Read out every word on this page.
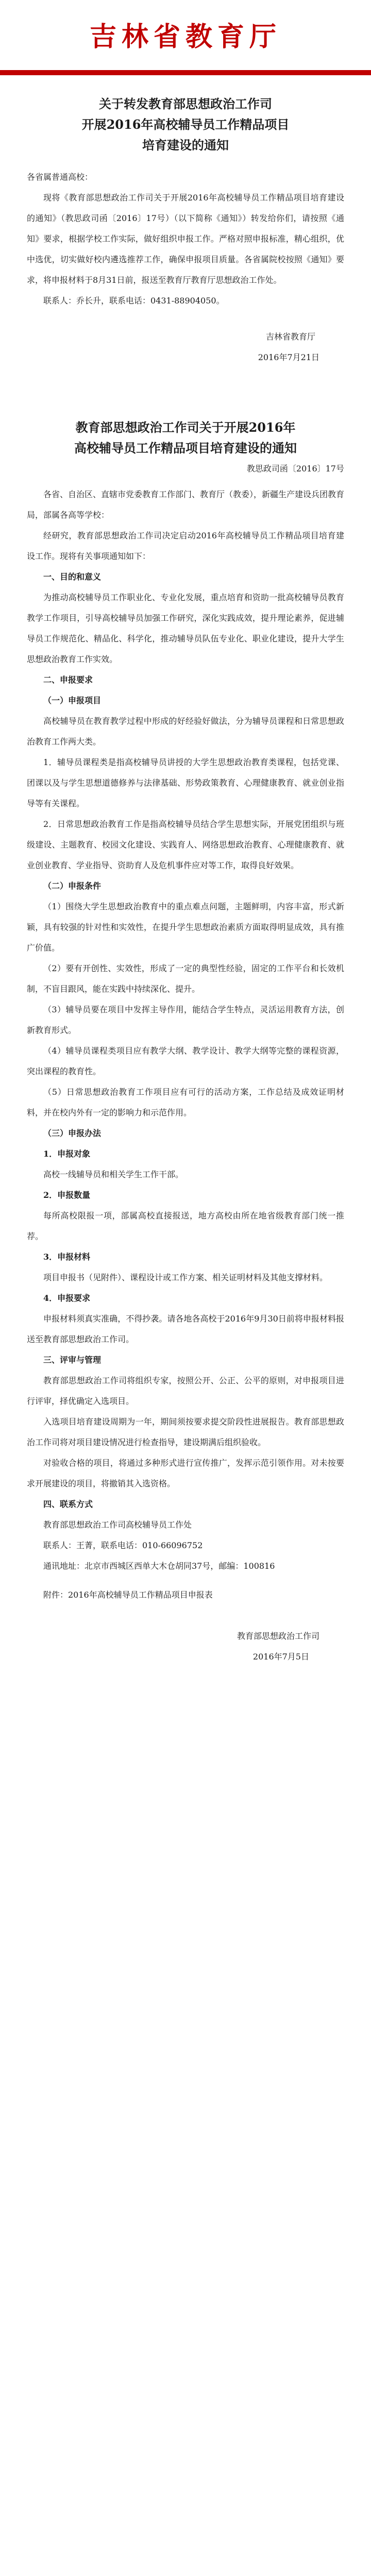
吉林省教育厅

关于转发教育部思想政治工作司

开展2016年高校辅导员工作精品项目

培育建设的通知

各省属普通高校：

现将《教育部思想政治工作司关于开展2016年高校辅导员工作精品项目培育建设的通知》（教思政司函〔2016〕17号）（以下简称《通知》）转发给你们，请按照《通知》要求，根据学校工作实际，做好组织申报工作。严格对照申报标准，精心组织，优中选优，切实做好校内遴选推荐工作，确保申报项目质量。各省属院校按照《通知》要求，将申报材料于8月31日前，报送至教育厅教育厅思想政治工作处。

联系人：乔长升，联系电话：0431-88904050。

吉林省教育厅

2016年7月21日

教育部思想政治工作司关于开展2016年

高校辅导员工作精品项目培育建设的通知

教思政司函〔2016〕17号

各省、自治区、直辖市党委教育工作部门、教育厅（教委），新疆生产建设兵团教育局，部属各高等学校：

经研究，教育部思想政治工作司决定启动2016年高校辅导员工作精品项目培育建设工作。现将有关事项通知如下：

一、目的和意义

为推动高校辅导员工作职业化、专业化发展，重点培育和资助一批高校辅导员教育教学工作项目，引导高校辅导员加强工作研究，深化实践成效，提升理论素养，促进辅导员工作规范化、精品化、科学化，推动辅导员队伍专业化、职业化建设，提升大学生思想政治教育工作实效。

二、申报要求

（一）申报项目

高校辅导员在教育教学过程中形成的好经验好做法，分为辅导员课程和日常思想政治教育工作两大类。

1．辅导员课程类是指高校辅导员讲授的大学生思想政治教育类课程，包括党课、团课以及与学生思想道德修养与法律基础、形势政策教育、心理健康教育、就业创业指导等有关课程。

2．日常思想政治教育工作是指高校辅导员结合学生思想实际，开展党团组织与班级建设、主题教育、校园文化建设、实践育人、网络思想政治教育、心理健康教育、就业创业教育、学业指导、资助育人及危机事件应对等工作，取得良好效果。

（二）申报条件

（1）围绕大学生思想政治教育中的重点难点问题，主题鲜明，内容丰富，形式新颖，具有较强的针对性和实效性，在提升学生思想政治素质方面取得明显成效，具有推广价值。

（2）要有开创性、实效性，形成了一定的典型性经验，固定的工作平台和长效机制，不盲目跟风，能在实践中持续深化、提升。

（3）辅导员要在项目中发挥主导作用，能结合学生特点，灵活运用教育方法，创新教育形式。

（4）辅导员课程类项目应有教学大纲、教学设计、教学大纲等完整的课程资源，突出课程的教育性。

（5）日常思想政治教育工作项目应有可行的活动方案，工作总结及成效证明材料，并在校内外有一定的影响力和示范作用。

（三）申报办法

1．申报对象

高校一线辅导员和相关学生工作干部。

2．申报数量

每所高校限报一项，部属高校直接报送，地方高校由所在地省级教育部门统一推荐。

3．申报材料

项目申报书（见附件）、课程设计或工作方案、相关证明材料及其他支撑材料。

4．申报要求

申报材料须真实准确，不得抄袭。请各地各高校于2016年9月30日前将申报材料报送至教育部思想政治工作司。

三、评审与管理

教育部思想政治工作司将组织专家，按照公开、公正、公平的原则，对申报项目进行评审，择优确定入选项目。

入选项目培育建设周期为一年，期间须按要求提交阶段性进展报告。教育部思想政治工作司将对项目建设情况进行检查指导，建设期满后组织验收。

对验收合格的项目，将通过多种形式进行宣传推广，发挥示范引领作用。对未按要求开展建设的项目，将撤销其入选资格。

四、联系方式

教育部思想政治工作司高校辅导员工作处

联系人：王菁，联系电话：010-66096752

通讯地址：北京市西城区西单大木仓胡同37号，邮编：100816

附件：2016年高校辅导员工作精品项目申报表

教育部思想政治工作司

2016年7月5日
